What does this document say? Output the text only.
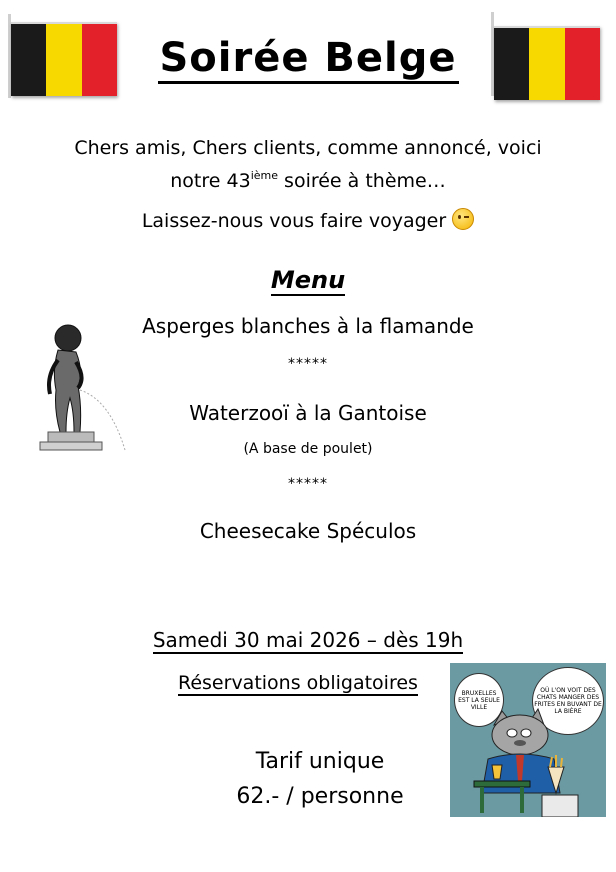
Soirée Belge
Chers amis, Chers clients, comme annoncé, voici
notre 43ième soirée à thème…
Laissez-nous vous faire voyager
Menu
Asperges blanches à la flamande
*****
Waterzooï à la Gantoise
(A base de poulet)
*****
Cheesecake Spéculos
Samedi 30 mai 2026 – dès 19h
Réservations obligatoires
Tarif unique
62.- / personne
BRUXELLES EST LA SEULE VILLE
OÙ L'ON VOIT DES CHATS MANGER DES FRITES EN BUVANT DE LA BIÈRE
